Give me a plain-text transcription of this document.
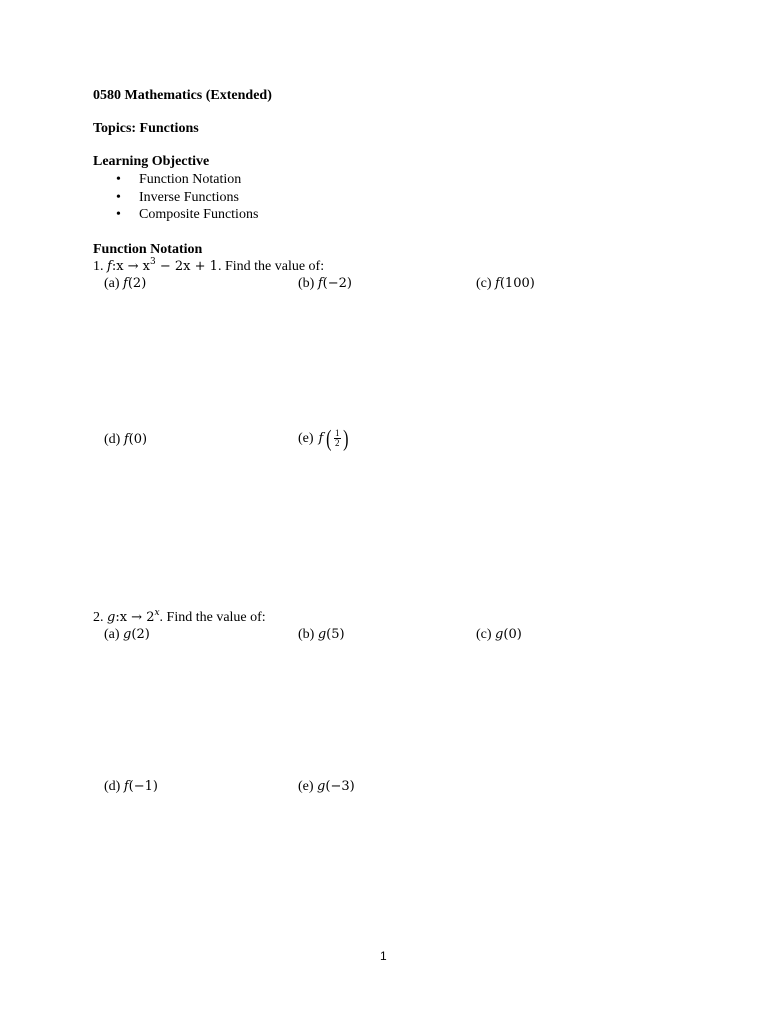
0580 Mathematics (Extended)
Topics: Functions
Learning Objective
• Function Notation
• Inverse Functions
• Composite Functions
Function Notation
1. f:x → $x^3 - 2x + 1$. Find the value of:
(a) f(2)	(b) f(−2)	(c) f(100)
(d) f(0)	(e) f ( $\frac{1}{2}$ )
2. g:x → $2^x$. Find the value of:
(a) g(2)	(b) g(5)	(c) g(0)
(d) f(−1)	(e) g(−3)
1
